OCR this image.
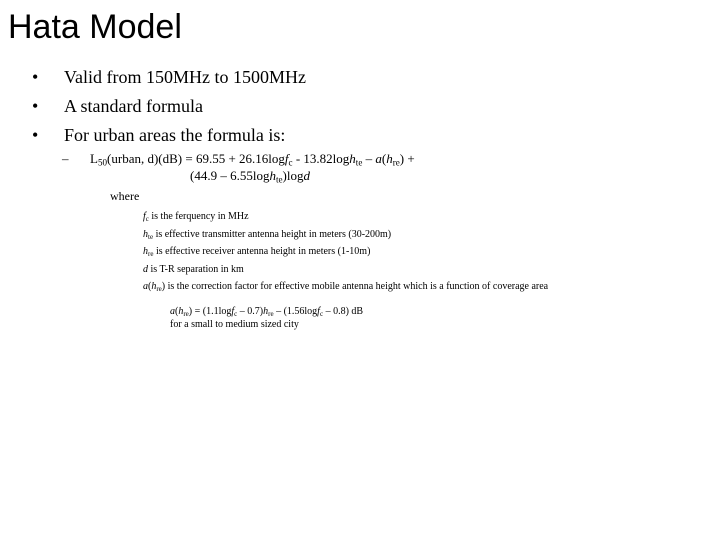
Hata Model
• Valid from 150MHz to 1500MHz
• A standard formula
• For urban areas the formula is:
– $L_{50}(urban$, $d)(dB) = 69.55 + 26.16\log f_c - 13.82\log h_{te} - a(h_{re})$ +
(44.9 – 6.55logh$_{te}$)logd
where
$f_c$ is the ferquency in MHz
$h_{te}$ is effective transmitter antenna height in meters (30-200m)
$h_{re}$ is effective receiver antenna height in meters (1-10m)
d is T-R separation in km
$a(h_{re})$ is the correction factor for effective mobile antenna height which is a function of coverage area
$a(h_{re}) = (1.1\log f_c - 0.7)h_{re} - (1.56\log f_c - 0.8)$ dB
for a small to medium sized city
